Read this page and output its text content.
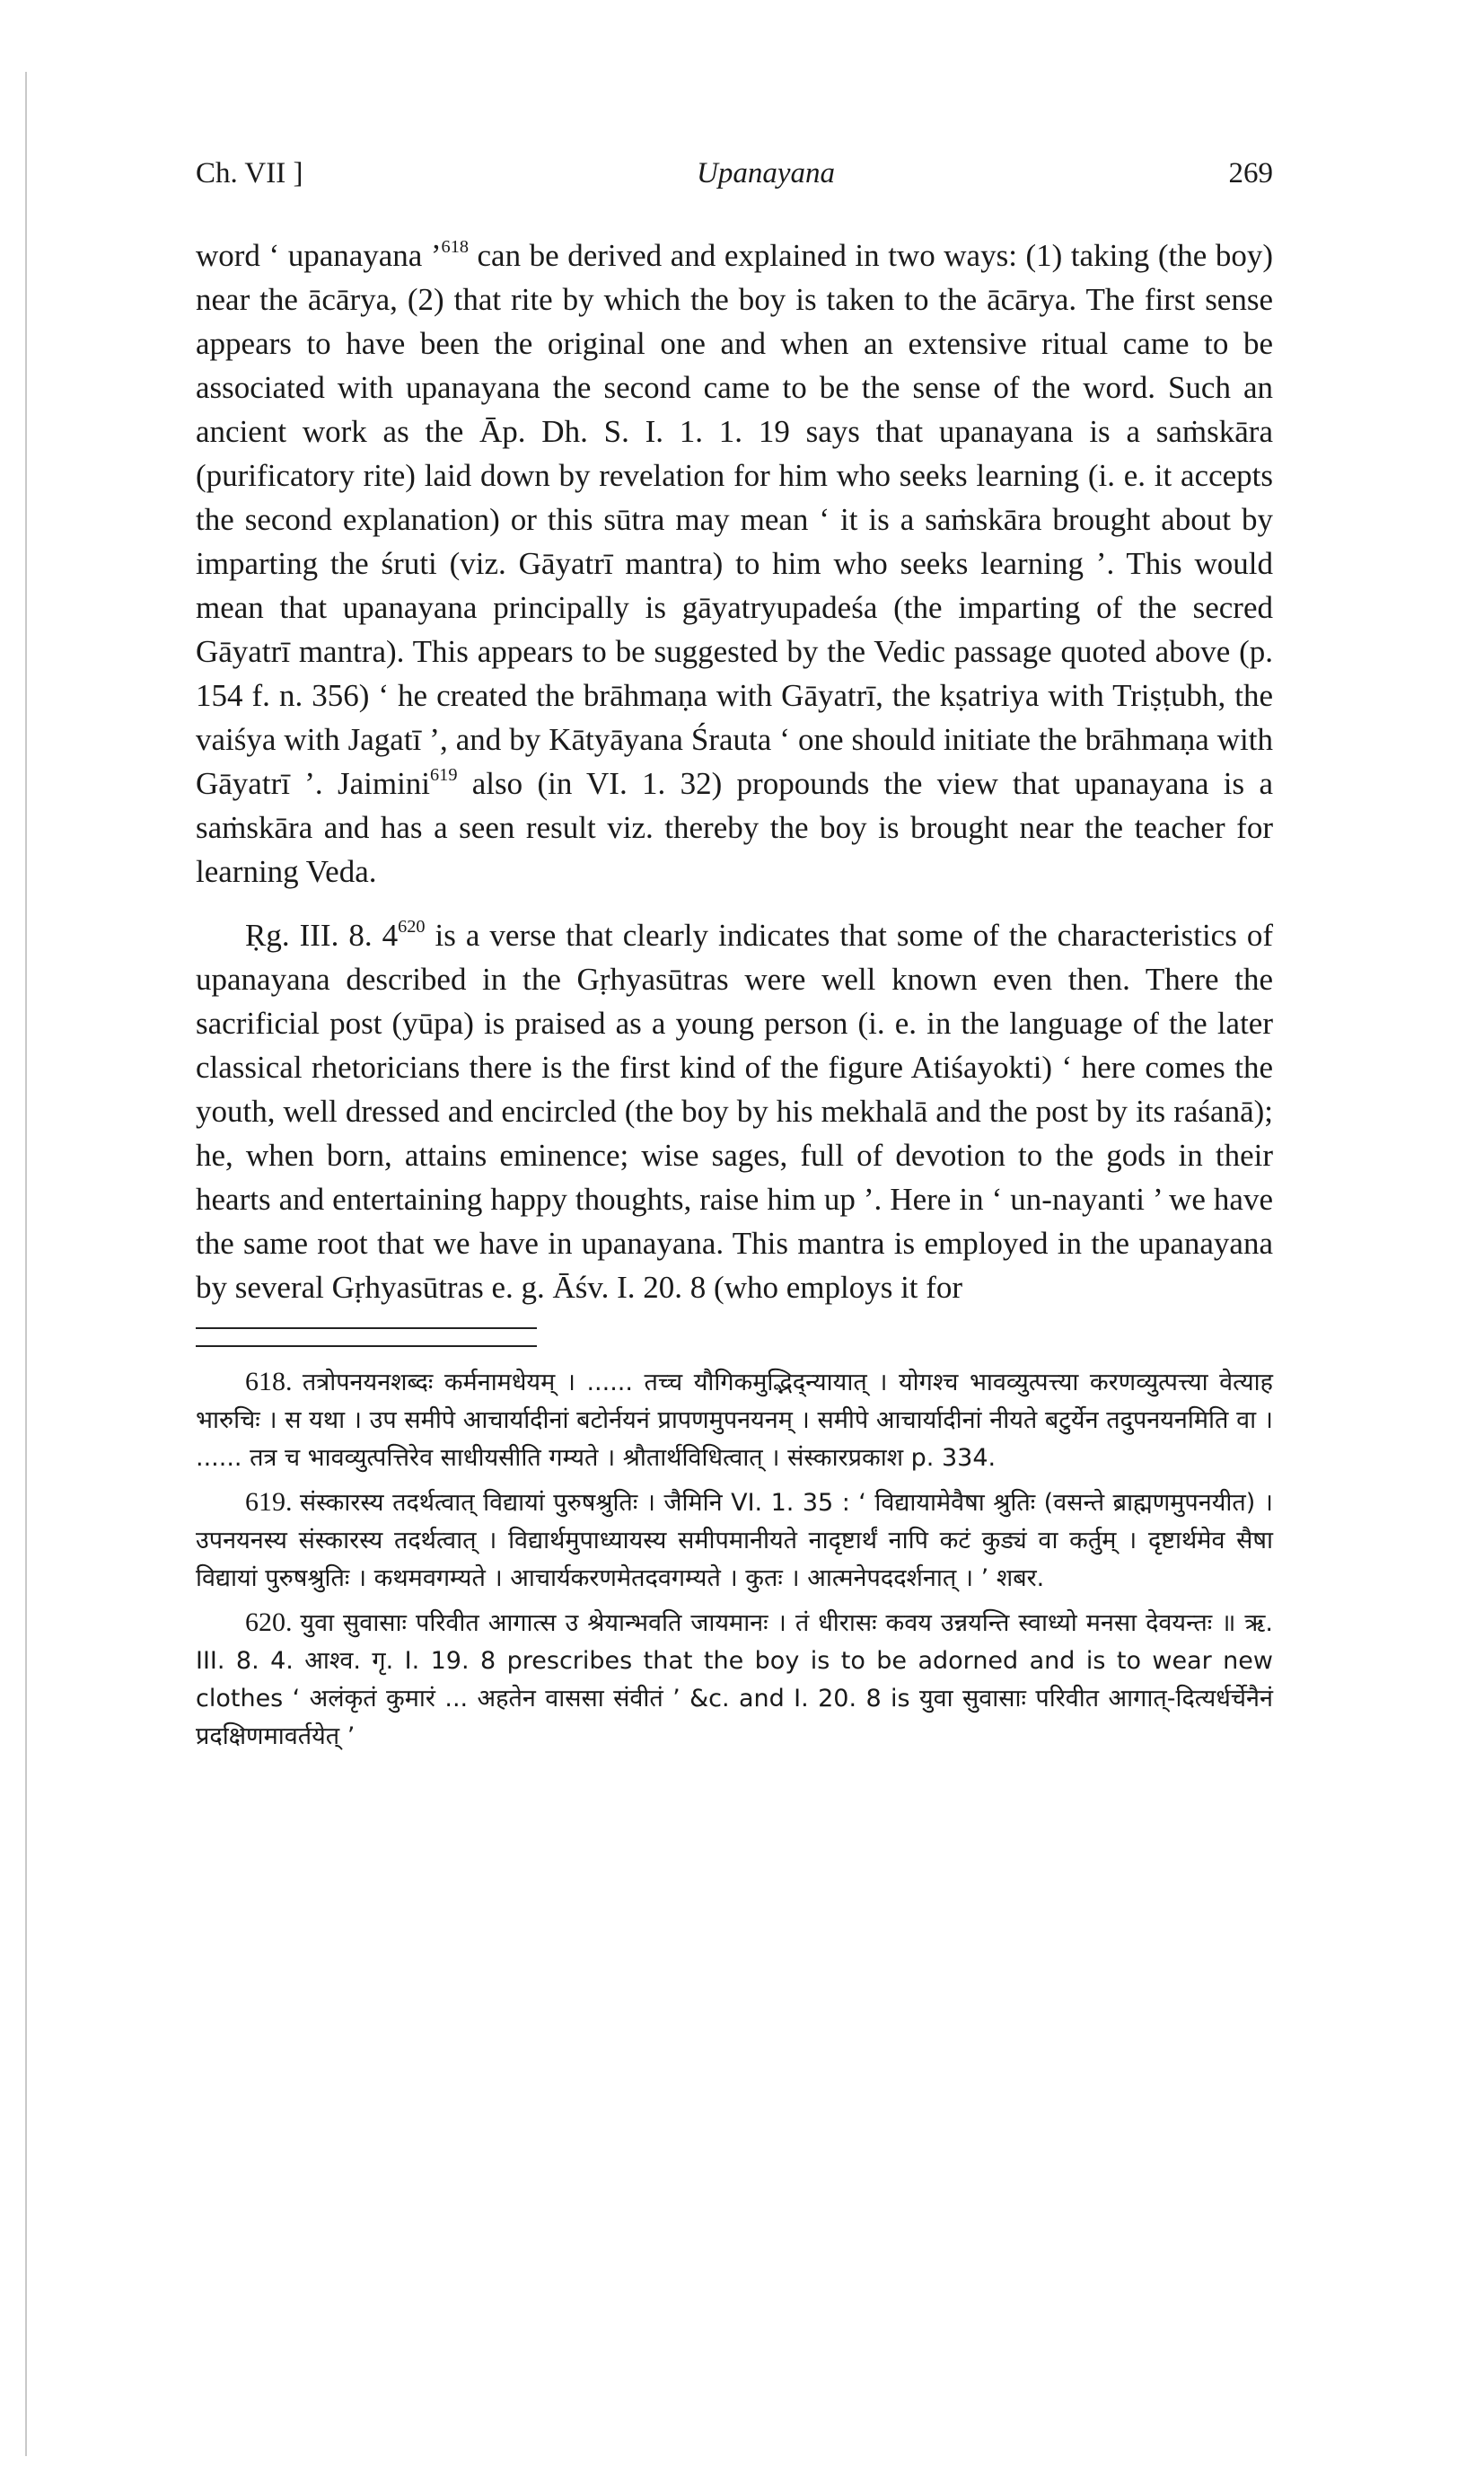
Ch. VII ]	Upanayana	269

word ‘ upanayana ’$^{618}$ can be derived and explained in two ways: (1) taking (the boy) near the ācārya, (2) that rite by which the boy is taken to the ācārya. The first sense appears to have been the original one and when an extensive ritual came to be associated with upanayana the second came to be the sense of the word. Such an ancient work as the Āp. Dh. S. I. 1. 1. 19 says that upanayana is a saṁskāra (purificatory rite) laid down by revelation for him who seeks learning (i. e. it accepts the second explanation) or this sūtra may mean ‘ it is a saṁskāra brought about by imparting the śruti (viz. Gāyatrī mantra) to him who seeks learning ’. This would mean that upanayana principally is gāyatryupadeśa (the imparting of the secred Gāyatrī mantra). This appears to be suggested by the Vedic passage quoted above (p. 154 f. n. 356) ‘ he created the brāhmaṇa with Gāyatrī, the kṣatriya with Triṣṭubh, the vaiśya with Jagatī ’, and by Kātyāyana Śrauta ‘ one should initiate the brāhmaṇa with Gāyatrī ’. Jaimini$^{619}$ also (in VI. 1. 32) propounds the view that upanayana is a saṁskāra and has a seen result viz. thereby the boy is brought near the teacher for learning Veda.

Ṛg. III. 8. $4^{620}$ is a verse that clearly indicates that some of the characteristics of upanayana described in the Gṛhyasūtras were well known even then. There the sacrificial post (yūpa) is praised as a young person (i. e. in the language of the later classical rhetoricians there is the first kind of the figure Atiśayokti) ‘ here comes the youth, well dressed and encircled (the boy by his mekhalā and the post by its raśanā); he, when born, attains eminence; wise sages, full of devotion to the gods in their hearts and entertaining happy thoughts, raise him up ’. Here in ‘ un-nayanti ’ we have the same root that we have in upanayana. This mantra is employed in the upanayana by several Gṛhyasūtras e. g. Āśv. I. 20. 8 (who employs it for

618. तत्रोपनयनशब्दः कर्मनामधेयम् । ...... तच्च यौगिकमुद्भिद्न्यायात् । योगश्च भावव्युत्पत्त्या करणव्युत्पत्त्या वेत्याह भारुचिः । स यथा । उप समीपे आचार्यादीनां बटोर्नयनं प्रापणमुपनयनम् । समीपे आचार्यादीनां नीयते बटुर्येन तदुपनयनमिति वा । ...... तत्र च भावव्युत्पत्तिरेव साधीयसीति गम्यते । श्रौतार्थविधित्वात् । संस्कारप्रकाश p. 334.

619. संस्कारस्य तदर्थत्वात् विद्यायां पुरुषश्रुतिः । जैमिनि VI. 1. 35 : ‘ विद्यायामेवैषा श्रुतिः (वसन्ते ब्राह्मणमुपनयीत) । उपनयनस्य संस्कारस्य तदर्थत्वात् । विद्यार्थमुपाध्यायस्य समीपमानीयते नादृष्टार्थं नापि कटं कुड्यं वा कर्तुम् । दृष्टार्थमेव सैषा विद्यायां पुरुषश्रुतिः । कथमवगम्यते । आचार्यकरणमेतदवगम्यते । कुतः । आत्मनेपददर्शनात् । ’ शबर.

620. युवा सुवासाः परिवीत आगात्स उ श्रेयान्भवति जायमानः । तं धीरासः कवय उन्नयन्ति स्वाध्यो मनसा देवयन्तः ॥ ऋ. III. 8. 4. आश्व. गृ. I. 19. 8 prescribes that the boy is to be adorned and is to wear new clothes ‘ अलंकृतं कुमारं ... अहतेन वाससा संवीतं ’ &c. and I. 20. 8 is युवा सुवासाः परिवीत आगात्-दित्यर्धर्चेनैनं प्रदक्षिणमावर्तयेत् ’
